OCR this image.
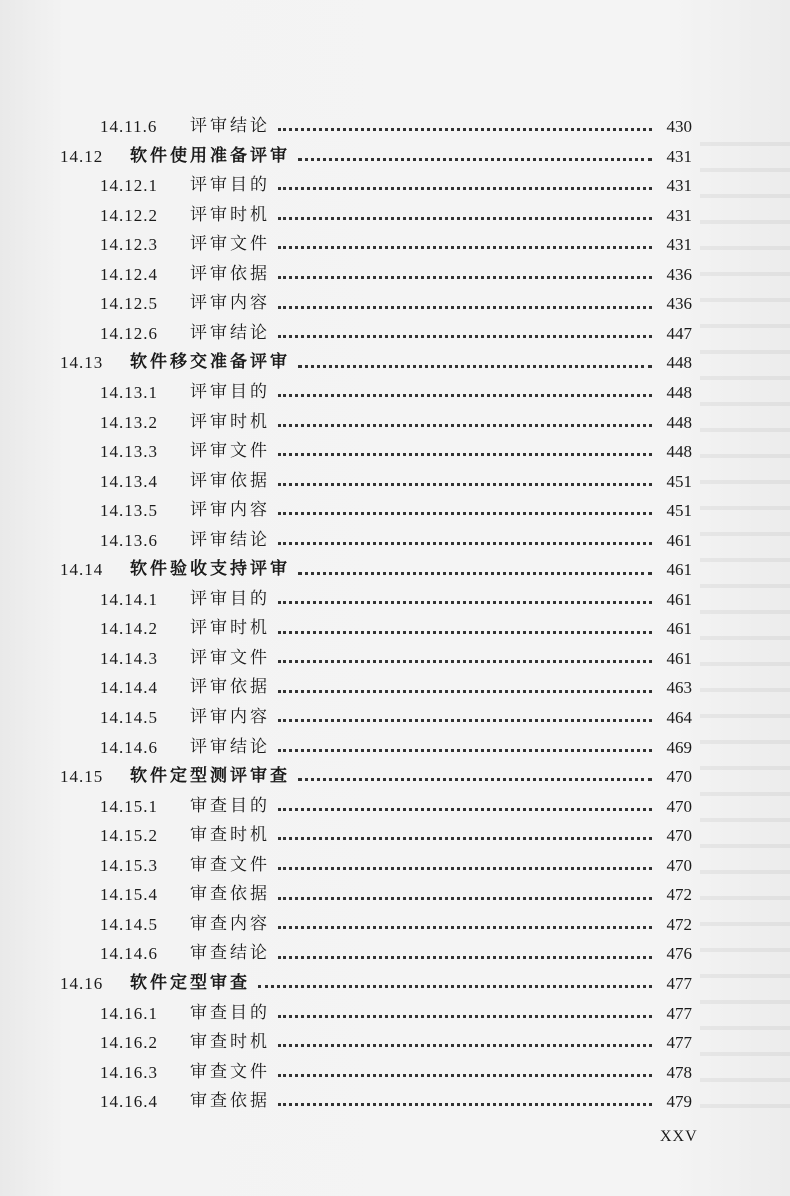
14.11.6	评审结论	430
14.12	软件使用准备评审	431
14.12.1	评审目的	431
14.12.2	评审时机	431
14.12.3	评审文件	431
14.12.4	评审依据	436
14.12.5	评审内容	436
14.12.6	评审结论	447
14.13	软件移交准备评审	448
14.13.1	评审目的	448
14.13.2	评审时机	448
14.13.3	评审文件	448
14.13.4	评审依据	451
14.13.5	评审内容	451
14.13.6	评审结论	461
14.14	软件验收支持评审	461
14.14.1	评审目的	461
14.14.2	评审时机	461
14.14.3	评审文件	461
14.14.4	评审依据	463
14.14.5	评审内容	464
14.14.6	评审结论	469
14.15	软件定型测评审查	470
14.15.1	审查目的	470
14.15.2	审查时机	470
14.15.3	审查文件	470
14.15.4	审查依据	472
14.14.5	审查内容	472
14.14.6	审查结论	476
14.16	软件定型审查	477
14.16.1	审查目的	477
14.16.2	审查时机	477
14.16.3	审查文件	478
14.16.4	审查依据	479
XXV
